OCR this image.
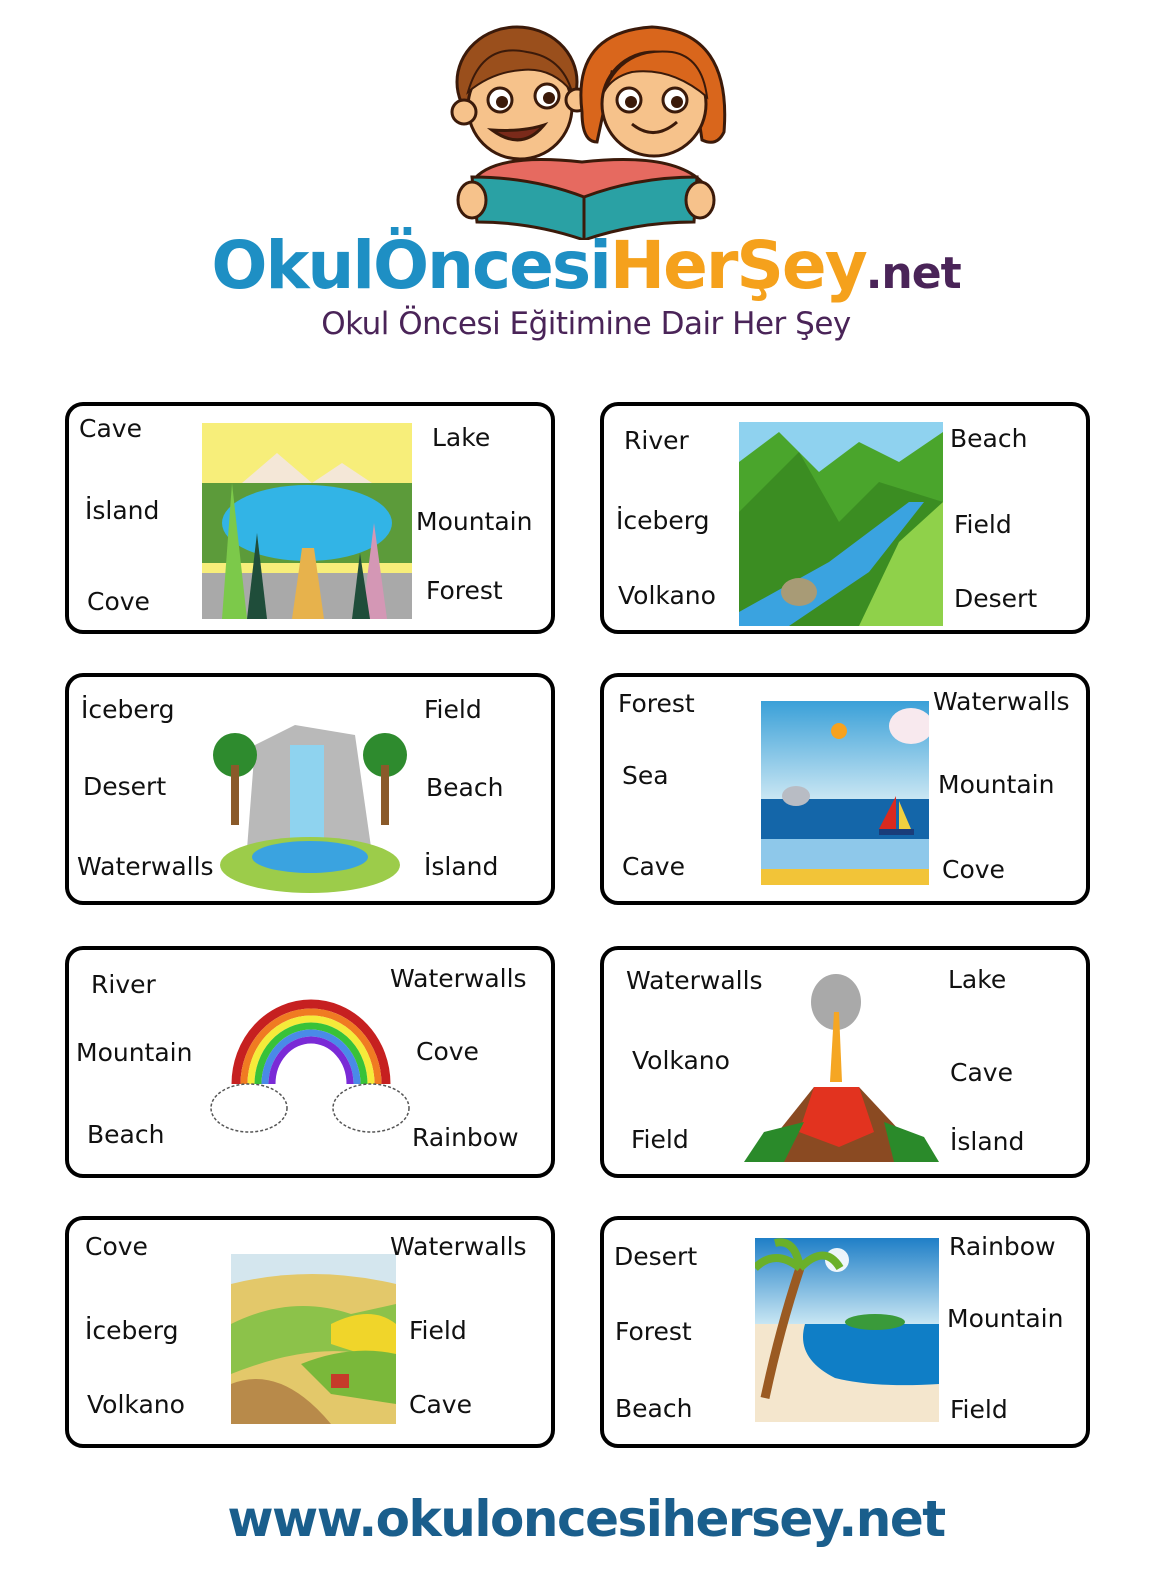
OkulÖncesiHerŞey.net
Okul Öncesi Eğitimine Dair Her Şey
Cave
İsland
Cove
Lake
Mountain
Forest
River
İceberg
Volkano
Beach
Field
Desert
İceberg
Desert
Waterwalls
Field
Beach
İsland
Forest
Sea
Cave
Waterwalls
Mountain
Cove
River
Mountain
Beach
Waterwalls
Cove
Rainbow
Waterwalls
Volkano
Field
Lake
Cave
İsland
Cove
İceberg
Volkano
Waterwalls
Field
Cave
Desert
Forest
Beach
Rainbow
Mountain
Field
www.okuloncesihersey.net
